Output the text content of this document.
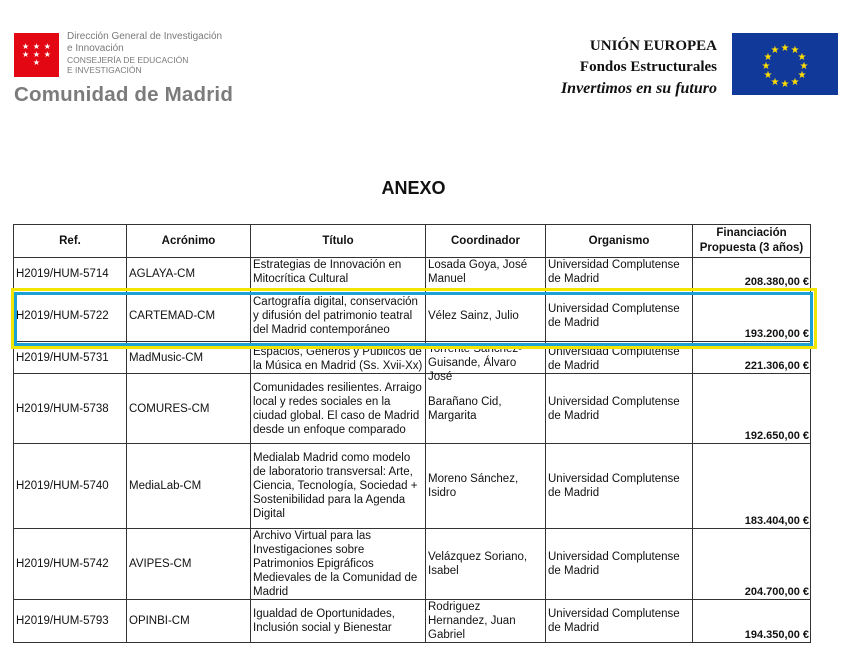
★ ★ ★
★ ★ ★
★
Dirección General de Investigación
e Innovación
CONSEJERÍA DE EDUCACIÓN
E INVESTIGACIÓN
Comunidad de Madrid
UNIÓN EUROPEA
Fondos Estructurales
Invertimos en su futuro
★ ★
★
★
★
★
★
★
★
★
★
★
ANEXO
Ref.	Acrónimo	Título	Coordinador	Organismo	Financiación Propuesta (3 años)
H2019/HUM-5714	AGLAYA-CM	Estrategias de Innovación en Mitocrítica Cultural	Losada Goya, José Manuel	Universidad Complutense de Madrid	208.380,00 €
H2019/HUM-5722	CARTEMAD-CM	Cartografía digital, conservación y difusión del patrimonio teatral del Madrid contemporáneo	Vélez Sainz, Julio	Universidad Complutense de Madrid	193.200,00 €
H2019/HUM-5731	MadMusic-CM	Espacios, Géneros y Públicos de la Música en Madrid (Ss. Xvii-Xx)	Torrente Sánchez-Guisande, Álvaro José	Universidad Complutense de Madrid	221.306,00 €
H2019/HUM-5738	COMURES-CM	Comunidades resilientes. Arraigo local y redes sociales en la ciudad global. El caso de Madrid desde un enfoque comparado	Barañano Cid, Margarita	Universidad Complutense de Madrid	192.650,00 €
H2019/HUM-5740	MediaLab-CM	Medialab Madrid como modelo de laboratorio transversal: Arte, Ciencia, Tecnología, Sociedad + Sostenibilidad para la Agenda Digital	Moreno Sánchez, Isidro	Universidad Complutense de Madrid	183.404,00 €
H2019/HUM-5742	AVIPES-CM	Archivo Virtual para las Investigaciones sobre Patrimonios Epigráficos Medievales de la Comunidad de Madrid	Velázquez Soriano, Isabel	Universidad Complutense de Madrid	204.700,00 €
H2019/HUM-5793	OPINBI-CM	Igualdad de Oportunidades, Inclusión social y Bienestar	Rodriguez Hernandez, Juan Gabriel	Universidad Complutense de Madrid	194.350,00 €
